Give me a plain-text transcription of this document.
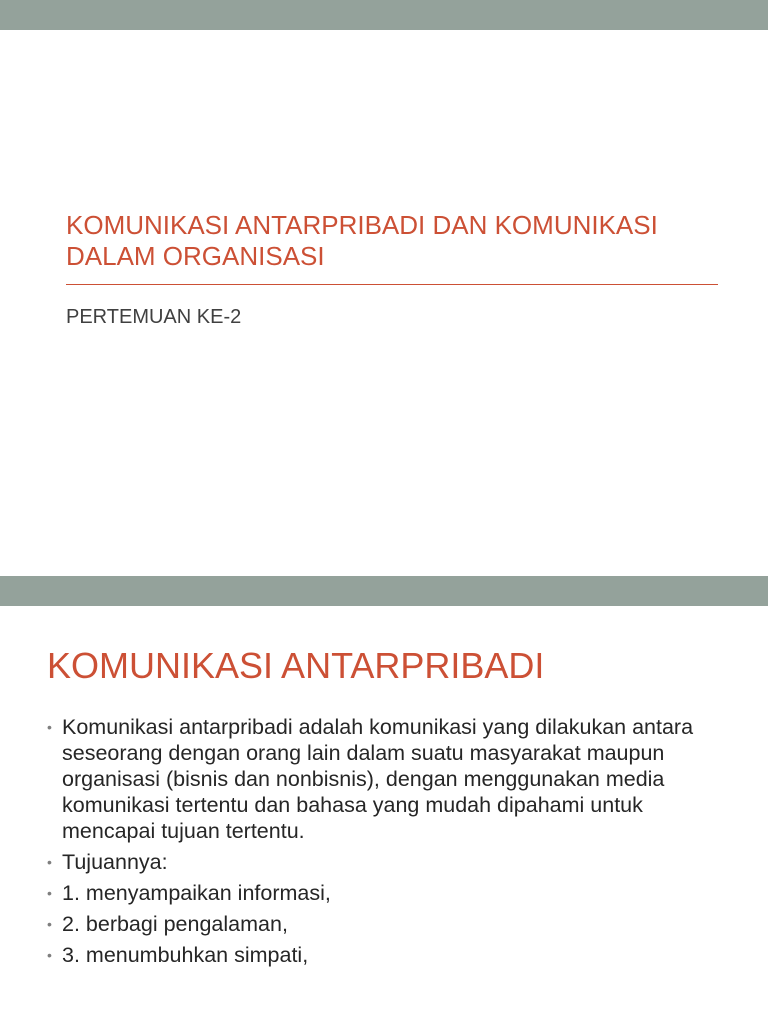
KOMUNIKASI ANTARPRIBADI DAN KOMUNIKASI DALAM ORGANISASI

PERTEMUAN KE-2

KOMUNIKASI ANTARPRIBADI
• Komunikasi antarpribadi adalah komunikasi yang dilakukan antara seseorang dengan orang lain dalam suatu masyarakat maupun organisasi (bisnis dan nonbisnis), dengan menggunakan media komunikasi tertentu dan bahasa yang mudah dipahami untuk mencapai tujuan tertentu.
• Tujuannya:
• 1. menyampaikan informasi,
• 2. berbagi pengalaman,
• 3. menumbuhkan simpati,
